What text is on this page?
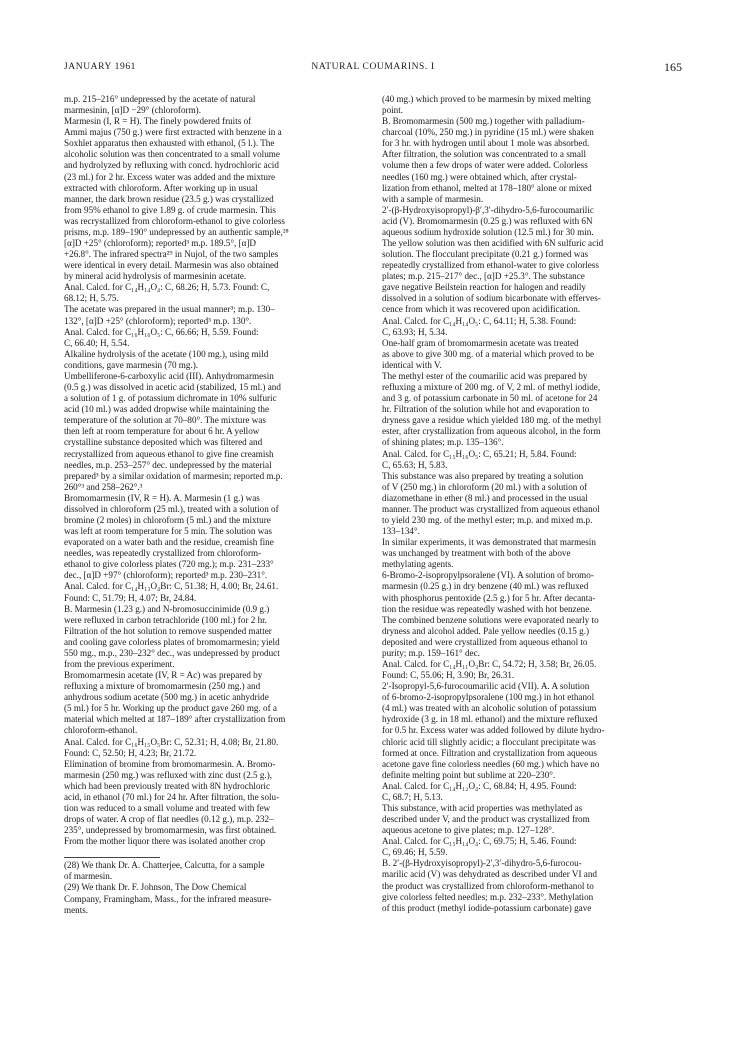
JANUARY 1961	NATURAL COUMARINS. I	165
m.p. 215–216° undepressed by the acetate of natural
marmesinin, [α]D −29° (chloroform).
Marmesin (I, R = H). The finely powdered fruits of
Ammi majus (750 g.) were first extracted with benzene in a
Soxhlet apparatus then exhausted with ethanol, (5 l.). The
alcoholic solution was then concentrated to a small volume
and hydrolyzed by refluxing with concd. hydrochloric acid
(23 ml.) for 2 hr. Excess water was added and the mixture
extracted with chloroform. After working up in usual
manner, the dark brown residue (23.5 g.) was crystallized
from 95% ethanol to give 1.89 g. of crude marmesin. This
was recrystallized from chloroform-ethanol to give colorless
prisms, m.p. 189–190° undepressed by an authentic sample,²⁸
[α]D +25° (chloroform); reported³ m.p. 189.5°, [α]D
+26.8°. The infrared spectra²⁹ in Nujol, of the two samples
were identical in every detail. Marmesin was also obtained
by mineral acid hydrolysis of marmesinin acetate.
Anal. Calcd. for C₁₄H₁₄O₄: C, 68.26; H, 5.73. Found: C,
68.12; H, 5.75.
The acetate was prepared in the usual manner³; m.p. 130–
132°, [α]D +25° (chloroform); reported³ m.p. 130°.
Anal. Calcd. for C₁₆H₁₆O₅: C, 66.66; H, 5.59. Found:
C, 66.40; H, 5.54.
Alkaline hydrolysis of the acetate (100 mg.), using mild
conditions, gave marmesin (70 mg.).
Umbelliferone-6-carboxylic acid (III). Anhydromarmesin
(0.5 g.) was dissolved in acetic acid (stabilized, 15 ml.) and
a solution of 1 g. of potassium dichromate in 10% sulfuric
acid (10 ml.) was added dropwise while maintaining the
temperature of the solution at 70–80°. The mixture was
then left at room temperature for about 6 hr. A yellow
crystalline substance deposited which was filtered and
recrystallized from aqueous ethanol to give fine creamish
needles, m.p. 253–257° dec. undepressed by the material
prepared³ by a similar oxidation of marmesin; reported m.p.
260°³ and 258–262°.³
Bromomarmesin (IV, R = H). A. Marmesin (1 g.) was
dissolved in chloroform (25 ml.), treated with a solution of
bromine (2 moles) in chloroform (5 ml.) and the mixture
was left at room temperature for 5 min. The solution was
evaporated on a water bath and the residue, creamish fine
needles, was repeatedly crystallized from chloroform-
ethanol to give colorless plates (720 mg.); m.p. 231–233°
dec., [α]D +97° (chloroform); reported³ m.p. 230–231°.
Anal. Calcd. for C₁₄H₁₃O₄Br: C, 51.38; H, 4.00; Br, 24.61.
Found: C, 51.79; H, 4.07; Br, 24.84.
B. Marmesin (1.23 g.) and N-bromosuccinimide (0.9 g.)
were refluxed in carbon tetrachloride (100 ml.) for 2 hr.
Filtration of the hot solution to remove suspended matter
and cooling gave colorless plates of bromomarmesin; yield
550 mg., m.p., 230–232° dec., was undepressed by product
from the previous experiment.
Bromomarmesin acetate (IV, R = Ac) was prepared by
refluxing a mixture of bromomarmesin (250 mg.) and
anhydrous sodium acetate (500 mg.) in acetic anhydride
(5 ml.) for 5 hr. Working up the product gave 260 mg. of a
material which melted at 187–189° after crystallization from
chloroform-ethanol.
Anal. Calcd. for C₁₆H₁₅O₅Br: C, 52.31; H, 4.08; Br, 21.80.
Found: C, 52.50; H, 4.23; Br, 21.72.
Elimination of bromine from bromomarmesin. A. Bromo-
marmesin (250 mg.) was refluxed with zinc dust (2.5 g.),
which had been previously treated with 8N hydrochloric
acid, in ethanol (70 ml.) for 24 hr. After filtration, the solu-
tion was reduced to a small volume and treated with few
drops of water. A crop of flat needles (0.12 g.), m.p. 232–
235°, undepressed by bromomarmesin, was first obtained.
From the mother liquor there was isolated another crop
(28) We thank Dr. A. Chatterjee, Calcutta, for a sample
of marmesin.
(29) We thank Dr. F. Johnson, The Dow Chemical
Company, Framingham, Mass., for the infrared measure-
ments.
(40 mg.) which proved to be marmesin by mixed melting
point.
B. Bromomarmesin (500 mg.) together with palladium-
charcoal (10%, 250 mg.) in pyridine (15 ml.) were shaken
for 3 hr. with hydrogen until about 1 mole was absorbed.
After filtration, the solution was concentrated to a small
volume then a few drops of water were added. Colorless
needles (160 mg.) were obtained which, after crystal-
lization from ethanol, melted at 178–180° alone or mixed
with a sample of marmesin.
2′-(β-Hydroxyisopropyl)-β′,3′-dihydro-5,6-furocoumarilic
acid (V). Bromomarmesin (0.25 g.) was refluxed with 6N
aqueous sodium hydroxide solution (12.5 ml.) for 30 min.
The yellow solution was then acidified with 6N sulfuric acid
solution. The flocculant precipitate (0.21 g.) formed was
repeatedly crystallized from ethanol-water to give colorless
plates; m.p. 215–217° dec., [α]D +25.3°. The substance
gave negative Beilstein reaction for halogen and readily
dissolved in a solution of sodium bicarbonate with efferves-
cence from which it was recovered upon acidification.
Anal. Calcd. for C₁₄H₁₄O₅: C, 64.11; H, 5.38. Found:
C, 63.93; H, 5.34.
One-half gram of bromomarmesin acetate was treated
as above to give 300 mg. of a material which proved to be
identical with V.
The methyl ester of the coumarilic acid was prepared by
refluxing a mixture of 200 mg. of V, 2 ml. of methyl iodide,
and 3 g. of potassium carbonate in 50 ml. of acetone for 24
hr. Filtration of the solution while hot and evaporation to
dryness gave a residue which yielded 180 mg. of the methyl
ester, after crystallization from aqueous alcohol, in the form
of shining plates; m.p. 135–136°.
Anal. Calcd. for C₁₅H₁₆O₅: C, 65.21; H, 5.84. Found:
C, 65.63; H, 5.83.
This substance was also prepared by treating a solution
of V (250 mg.) in chloroform (20 ml.) with a solution of
diazomethane in ether (8 ml.) and processed in the usual
manner. The product was crystallized from aqueous ethanol
to yield 230 mg. of the methyl ester; m.p. and mixed m.p.
133–134°.
In similar experiments, it was demonstrated that marmesin
was unchanged by treatment with both of the above
methylating agents.
6-Bromo-2-isopropylpsoralene (VI). A solution of bromo-
marmesin (0.25 g.) in dry benzene (40 ml.) was refluxed
with phosphorus pentoxide (2.5 g.) for 5 hr. After decanta-
tion the residue was repeatedly washed with hot benzene.
The combined benzene solutions were evaporated nearly to
dryness and alcohol added. Pale yellow needles (0.15 g.)
deposited and were crystallized from aqueous ethanol to
purity; m.p. 159–161° dec.
Anal. Calcd. for C₁₄H₁₁O₃Br: C, 54.72; H, 3.58; Br, 26.05.
Found: C, 55.06; H, 3.90; Br, 26.31.
2′-Isopropyl-5,6-furocoumarilic acid (VII). A. A solution
of 6-bromo-2-isopropylpsoralene (100 mg.) in hot ethanol
(4 ml.) was treated with an alcoholic solution of potassium
hydroxide (3 g. in 18 ml. ethanol) and the mixture refluxed
for 0.5 hr. Excess water was added followed by dilute hydro-
chloric acid till slightly acidic; a flocculant precipitate was
formed at once. Filtration and crystallization from aqueous
acetone gave fine colorless needles (60 mg.) which have no
definite melting point but sublime at 220–230°.
Anal. Calcd. for C₁₄H₁₂O₄: C, 68.84; H, 4.95. Found:
C, 68.7; H, 5.13.
This substance, with acid properties was methylated as
described under V, and the product was crystallized from
aqueous acetone to give plates; m.p. 127–128°.
Anal. Calcd. for C₁₅H₁₄O₄: C, 69.75; H, 5.46. Found:
C, 69.46; H, 5.59.
B. 2′-(β-Hydroxyisopropyl)-2′,3′-dihydro-5,6-furocou-
marilic acid (V) was dehydrated as described under VI and
the product was crystallized from chloroform-methanol to
give colorless felted needles; m.p. 232–233°. Methylation
of this product (methyl iodide-potassium carbonate) gave
